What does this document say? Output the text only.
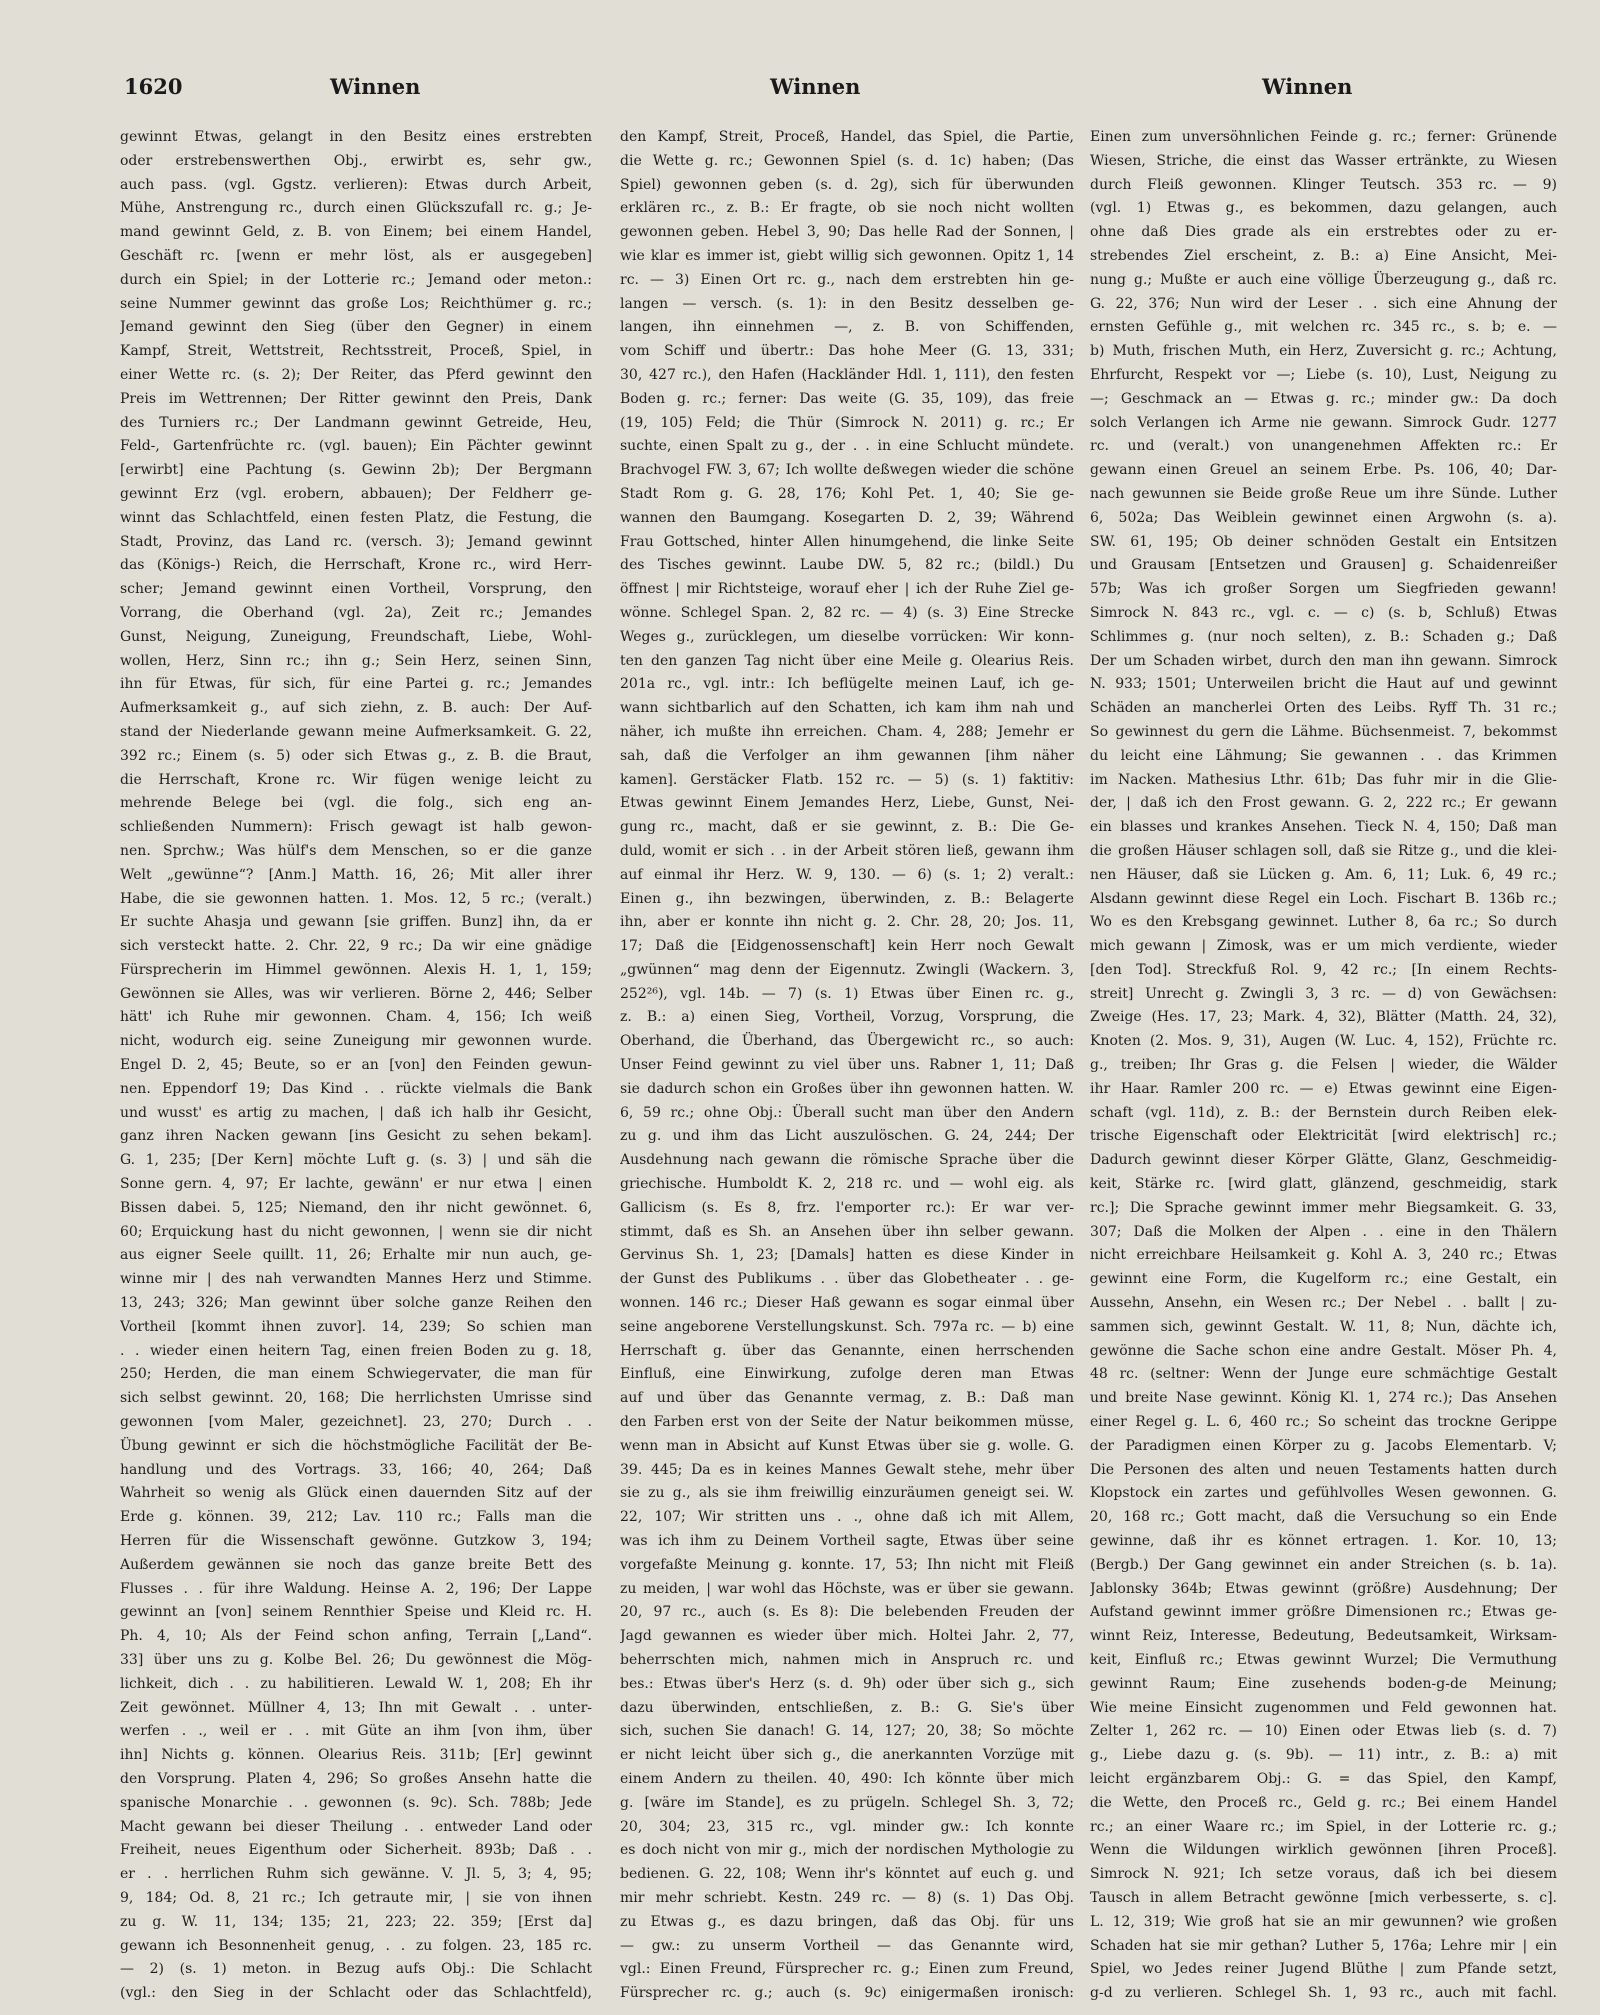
1620	Winnen	Winnen	Winnen
gewinnt Etwas, gelangt in den Besitz eines erstrebten
oder erstrebenswerthen Obj., erwirbt es, sehr gw.,
auch pass. (vgl. Ggstz. verlieren): Etwas durch Arbeit,
Mühe, Anstrengung rc., durch einen Glückszufall rc. g.; Je-
mand gewinnt Geld, z. B. von Einem; bei einem Handel,
Geschäft rc. [wenn er mehr löst, als er ausgegeben]
durch ein Spiel; in der Lotterie rc.; Jemand oder meton.:
seine Nummer gewinnt das große Los; Reichthümer g. rc.;
Jemand gewinnt den Sieg (über den Gegner) in einem
Kampf, Streit, Wettstreit, Rechtsstreit, Proceß, Spiel, in
einer Wette rc. (s. 2); Der Reiter, das Pferd gewinnt den
Preis im Wettrennen; Der Ritter gewinnt den Preis, Dank
des Turniers rc.; Der Landmann gewinnt Getreide, Heu,
Feld-, Gartenfrüchte rc. (vgl. bauen); Ein Pächter gewinnt
[erwirbt] eine Pachtung (s. Gewinn 2b); Der Bergmann
gewinnt Erz (vgl. erobern, abbauen); Der Feldherr ge-
winnt das Schlachtfeld, einen festen Platz, die Festung, die
Stadt, Provinz, das Land rc. (versch. 3); Jemand gewinnt
das (Königs-) Reich, die Herrschaft, Krone rc., wird Herr-
scher; Jemand gewinnt einen Vortheil, Vorsprung, den
Vorrang, die Oberhand (vgl. 2a), Zeit rc.; Jemandes
Gunst, Neigung, Zuneigung, Freundschaft, Liebe, Wohl-
wollen, Herz, Sinn rc.; ihn g.; Sein Herz, seinen Sinn,
ihn für Etwas, für sich, für eine Partei g. rc.; Jemandes
Aufmerksamkeit g., auf sich ziehn, z. B. auch: Der Auf-
stand der Niederlande gewann meine Aufmerksamkeit. G. 22,
392 rc.; Einem (s. 5) oder sich Etwas g., z. B. die Braut,
die Herrschaft, Krone rc. Wir fügen wenige leicht zu
mehrende Belege bei (vgl. die folg., sich eng an-
schließenden Nummern): Frisch gewagt ist halb gewon-
nen. Sprchw.; Was hülf's dem Menschen, so er die ganze
Welt „gewünne“? [Anm.] Matth. 16, 26; Mit aller ihrer
Habe, die sie gewonnen hatten. 1. Mos. 12, 5 rc.; (veralt.)
Er suchte Ahasja und gewann [sie griffen. Bunz] ihn, da er
sich versteckt hatte. 2. Chr. 22, 9 rc.; Da wir eine gnädige
Fürsprecherin im Himmel gewönnen. Alexis H. 1, 1, 159;
Gewönnen sie Alles, was wir verlieren. Börne 2, 446; Selber
hätt' ich Ruhe mir gewonnen. Cham. 4, 156; Ich weiß
nicht, wodurch eig. seine Zuneigung mir gewonnen wurde.
Engel D. 2, 45; Beute, so er an [von] den Feinden gewun-
nen. Eppendorf 19; Das Kind . . rückte vielmals die Bank
und wusst' es artig zu machen, | daß ich halb ihr Gesicht,
ganz ihren Nacken gewann [ins Gesicht zu sehen bekam].
G. 1, 235; [Der Kern] möchte Luft g. (s. 3) | und säh die
Sonne gern. 4, 97; Er lachte, gewänn' er nur etwa | einen
Bissen dabei. 5, 125; Niemand, den ihr nicht gewönnet. 6,
60; Erquickung hast du nicht gewonnen, | wenn sie dir nicht
aus eigner Seele quillt. 11, 26; Erhalte mir nun auch, ge-
winne mir | des nah verwandten Mannes Herz und Stimme.
13, 243; 326; Man gewinnt über solche ganze Reihen den
Vortheil [kommt ihnen zuvor]. 14, 239; So schien man
. . wieder einen heitern Tag, einen freien Boden zu g. 18,
250; Herden, die man einem Schwiegervater, die man für
sich selbst gewinnt. 20, 168; Die herrlichsten Umrisse sind
gewonnen [vom Maler, gezeichnet]. 23, 270; Durch . .
Übung gewinnt er sich die höchstmögliche Facilität der Be-
handlung und des Vortrags. 33, 166; 40, 264; Daß
Wahrheit so wenig als Glück einen dauernden Sitz auf der
Erde g. können. 39, 212; Lav. 110 rc.; Falls man die
Herren für die Wissenschaft gewönne. Gutzkow 3, 194;
Außerdem gewännen sie noch das ganze breite Bett des
Flusses . . für ihre Waldung. Heinse A. 2, 196; Der Lappe
gewinnt an [von] seinem Rennthier Speise und Kleid rc. H.
Ph. 4, 10; Als der Feind schon anfing, Terrain [„Land“.
33] über uns zu g. Kolbe Bel. 26; Du gewönnest die Mög-
lichkeit, dich . . zu habilitieren. Lewald W. 1, 208; Eh ihr
Zeit gewönnet. Müllner 4, 13; Ihn mit Gewalt . . unter-
werfen . ., weil er . . mit Güte an ihm [von ihm, über
ihn] Nichts g. können. Olearius Reis. 311b; [Er] gewinnt
den Vorsprung. Platen 4, 296; So großes Ansehn hatte die
spanische Monarchie . . gewonnen (s. 9c). Sch. 788b; Jede
Macht gewann bei dieser Theilung . . entweder Land oder
Freiheit, neues Eigenthum oder Sicherheit. 893b; Daß . .
er . . herrlichen Ruhm sich gewänne. V. Jl. 5, 3; 4, 95;
9, 184; Od. 8, 21 rc.; Ich getraute mir, | sie von ihnen
zu g. W. 11, 134; 135; 21, 223; 22. 359; [Erst da]
gewann ich Besonnenheit genug, . . zu folgen. 23, 185 rc.
— 2) (s. 1) meton. in Bezug aufs Obj.: Die Schlacht
(vgl.: den Sieg in der Schlacht oder das Schlachtfeld),
den Kampf, Streit, Proceß, Handel, das Spiel, die Partie,
die Wette g. rc.; Gewonnen Spiel (s. d. 1c) haben; (Das
Spiel) gewonnen geben (s. d. 2g), sich für überwunden
erklären rc., z. B.: Er fragte, ob sie noch nicht wollten
gewonnen geben. Hebel 3, 90; Das helle Rad der Sonnen, |
wie klar es immer ist, giebt willig sich gewonnen. Opitz 1, 14
rc. — 3) Einen Ort rc. g., nach dem erstrebten hin ge-
langen — versch. (s. 1): in den Besitz desselben ge-
langen, ihn einnehmen —, z. B. von Schiffenden,
vom Schiff und übertr.: Das hohe Meer (G. 13, 331;
30, 427 rc.), den Hafen (Hackländer Hdl. 1, 111), den festen
Boden g. rc.; ferner: Das weite (G. 35, 109), das freie
(19, 105) Feld; die Thür (Simrock N. 2011) g. rc.; Er
suchte, einen Spalt zu g., der . . in eine Schlucht mündete.
Brachvogel FW. 3, 67; Ich wollte deßwegen wieder die schöne
Stadt Rom g. G. 28, 176; Kohl Pet. 1, 40; Sie ge-
wannen den Baumgang. Kosegarten D. 2, 39; Während
Frau Gottsched, hinter Allen hinumgehend, die linke Seite
des Tisches gewinnt. Laube DW. 5, 82 rc.; (bildl.) Du
öffnest | mir Richtsteige, worauf eher | ich der Ruhe Ziel ge-
wönne. Schlegel Span. 2, 82 rc. — 4) (s. 3) Eine Strecke
Weges g., zurücklegen, um dieselbe vorrücken: Wir konn-
ten den ganzen Tag nicht über eine Meile g. Olearius Reis.
201a rc., vgl. intr.: Ich beflügelte meinen Lauf, ich ge-
wann sichtbarlich auf den Schatten, ich kam ihm nah und
näher, ich mußte ihn erreichen. Cham. 4, 288; Jemehr er
sah, daß die Verfolger an ihm gewannen [ihm näher
kamen]. Gerstäcker Flatb. 152 rc. — 5) (s. 1) faktitiv:
Etwas gewinnt Einem Jemandes Herz, Liebe, Gunst, Nei-
gung rc., macht, daß er sie gewinnt, z. B.: Die Ge-
duld, womit er sich . . in der Arbeit stören ließ, gewann ihm
auf einmal ihr Herz. W. 9, 130. — 6) (s. 1; 2) veralt.:
Einen g., ihn bezwingen, überwinden, z. B.: Belagerte
ihn, aber er konnte ihn nicht g. 2. Chr. 28, 20; Jos. 11,
17; Daß die [Eidgenossenschaft] kein Herr noch Gewalt
„gwünnen“ mag denn der Eigennutz. Zwingli (Wackern. 3,
252²⁶), vgl. 14b. — 7) (s. 1) Etwas über Einen rc. g.,
z. B.: a) einen Sieg, Vortheil, Vorzug, Vorsprung, die
Oberhand, die Überhand, das Übergewicht rc., so auch:
Unser Feind gewinnt zu viel über uns. Rabner 1, 11; Daß
sie dadurch schon ein Großes über ihn gewonnen hatten. W.
6, 59 rc.; ohne Obj.: Überall sucht man über den Andern
zu g. und ihm das Licht auszulöschen. G. 24, 244; Der
Ausdehnung nach gewann die römische Sprache über die
griechische. Humboldt K. 2, 218 rc. und — wohl eig. als
Gallicism (s. Es 8, frz. l'emporter rc.): Er war ver-
stimmt, daß es Sh. an Ansehen über ihn selber gewann.
Gervinus Sh. 1, 23; [Damals] hatten es diese Kinder in
der Gunst des Publikums . . über das Globetheater . . ge-
wonnen. 146 rc.; Dieser Haß gewann es sogar einmal über
seine angeborene Verstellungskunst. Sch. 797a rc. — b) eine
Herrschaft g. über das Genannte, einen herrschenden
Einfluß, eine Einwirkung, zufolge deren man Etwas
auf und über das Genannte vermag, z. B.: Daß man
den Farben erst von der Seite der Natur beikommen müsse,
wenn man in Absicht auf Kunst Etwas über sie g. wolle. G.
39. 445; Da es in keines Mannes Gewalt stehe, mehr über
sie zu g., als sie ihm freiwillig einzuräumen geneigt sei. W.
22, 107; Wir stritten uns . ., ohne daß ich mit Allem,
was ich ihm zu Deinem Vortheil sagte, Etwas über seine
vorgefaßte Meinung g. konnte. 17, 53; Ihn nicht mit Fleiß
zu meiden, | war wohl das Höchste, was er über sie gewann.
20, 97 rc., auch (s. Es 8): Die belebenden Freuden der
Jagd gewannen es wieder über mich. Holtei Jahr. 2, 77,
beherrschten mich, nahmen mich in Anspruch rc. und
bes.: Etwas über's Herz (s. d. 9h) oder über sich g., sich
dazu überwinden, entschließen, z. B.: G. Sie's über
sich, suchen Sie danach! G. 14, 127; 20, 38; So möchte
er nicht leicht über sich g., die anerkannten Vorzüge mit
einem Andern zu theilen. 40, 490: Ich könnte über mich
g. [wäre im Stande], es zu prügeln. Schlegel Sh. 3, 72;
20, 304; 23, 315 rc., vgl. minder gw.: Ich konnte
es doch nicht von mir g., mich der nordischen Mythologie zu
bedienen. G. 22, 108; Wenn ihr's könntet auf euch g. und
mir mehr schriebt. Kestn. 249 rc. — 8) (s. 1) Das Obj.
zu Etwas g., es dazu bringen, daß das Obj. für uns
— gw.: zu unserm Vortheil — das Genannte wird,
vgl.: Einen Freund, Fürsprecher rc. g.; Einen zum Freund,
Fürsprecher rc. g.; auch (s. 9c) einigermaßen ironisch:
Einen zum unversöhnlichen Feinde g. rc.; ferner: Grünende
Wiesen, Striche, die einst das Wasser ertränkte, zu Wiesen
durch Fleiß gewonnen. Klinger Teutsch. 353 rc. — 9)
(vgl. 1) Etwas g., es bekommen, dazu gelangen, auch
ohne daß Dies grade als ein erstrebtes oder zu er-
strebendes Ziel erscheint, z. B.: a) Eine Ansicht, Mei-
nung g.; Mußte er auch eine völlige Überzeugung g., daß rc.
G. 22, 376; Nun wird der Leser . . sich eine Ahnung der
ernsten Gefühle g., mit welchen rc. 345 rc., s. b; e. —
b) Muth, frischen Muth, ein Herz, Zuversicht g. rc.; Achtung,
Ehrfurcht, Respekt vor —; Liebe (s. 10), Lust, Neigung zu
—; Geschmack an — Etwas g. rc.; minder gw.: Da doch
solch Verlangen ich Arme nie gewann. Simrock Gudr. 1277
rc. und (veralt.) von unangenehmen Affekten rc.: Er
gewann einen Greuel an seinem Erbe. Ps. 106, 40; Dar-
nach gewunnen sie Beide große Reue um ihre Sünde. Luther
6, 502a; Das Weiblein gewinnet einen Argwohn (s. a).
SW. 61, 195; Ob deiner schnöden Gestalt ein Entsitzen
und Grausam [Entsetzen und Grausen] g. Schaidenreißer
57b; Was ich großer Sorgen um Siegfrieden gewann!
Simrock N. 843 rc., vgl. c. — c) (s. b, Schluß) Etwas
Schlimmes g. (nur noch selten), z. B.: Schaden g.; Daß
Der um Schaden wirbet, durch den man ihn gewann. Simrock
N. 933; 1501; Unterweilen bricht die Haut auf und gewinnt
Schäden an mancherlei Orten des Leibs. Ryff Th. 31 rc.;
So gewinnest du gern die Lähme. Büchsenmeist. 7, bekommst
du leicht eine Lähmung; Sie gewannen . . das Krimmen
im Nacken. Mathesius Lthr. 61b; Das fuhr mir in die Glie-
der, | daß ich den Frost gewann. G. 2, 222 rc.; Er gewann
ein blasses und krankes Ansehen. Tieck N. 4, 150; Daß man
die großen Häuser schlagen soll, daß sie Ritze g., und die klei-
nen Häuser, daß sie Lücken g. Am. 6, 11; Luk. 6, 49 rc.;
Alsdann gewinnt diese Regel ein Loch. Fischart B. 136b rc.;
Wo es den Krebsgang gewinnet. Luther 8, 6a rc.; So durch
mich gewann | Zimosk, was er um mich verdiente, wieder
[den Tod]. Streckfuß Rol. 9, 42 rc.; [In einem Rechts-
streit] Unrecht g. Zwingli 3, 3 rc. — d) von Gewächsen:
Zweige (Hes. 17, 23; Mark. 4, 32), Blätter (Matth. 24, 32),
Knoten (2. Mos. 9, 31), Augen (W. Luc. 4, 152), Früchte rc.
g., treiben; Ihr Gras g. die Felsen | wieder, die Wälder
ihr Haar. Ramler 200 rc. — e) Etwas gewinnt eine Eigen-
schaft (vgl. 11d), z. B.: der Bernstein durch Reiben elek-
trische Eigenschaft oder Elektricität [wird elektrisch] rc.;
Dadurch gewinnt dieser Körper Glätte, Glanz, Geschmeidig-
keit, Stärke rc. [wird glatt, glänzend, geschmeidig, stark
rc.]; Die Sprache gewinnt immer mehr Biegsamkeit. G. 33,
307; Daß die Molken der Alpen . . eine in den Thälern
nicht erreichbare Heilsamkeit g. Kohl A. 3, 240 rc.; Etwas
gewinnt eine Form, die Kugelform rc.; eine Gestalt, ein
Aussehn, Ansehn, ein Wesen rc.; Der Nebel . . ballt | zu-
sammen sich, gewinnt Gestalt. W. 11, 8; Nun, dächte ich,
gewönne die Sache schon eine andre Gestalt. Möser Ph. 4,
48 rc. (seltner: Wenn der Junge eure schmächtige Gestalt
und breite Nase gewinnt. König Kl. 1, 274 rc.); Das Ansehen
einer Regel g. L. 6, 460 rc.; So scheint das trockne Gerippe
der Paradigmen einen Körper zu g. Jacobs Elementarb. V;
Die Personen des alten und neuen Testaments hatten durch
Klopstock ein zartes und gefühlvolles Wesen gewonnen. G.
20, 168 rc.; Gott macht, daß die Versuchung so ein Ende
gewinne, daß ihr es könnet ertragen. 1. Kor. 10, 13;
(Bergb.) Der Gang gewinnet ein ander Streichen (s. b. 1a).
Jablonsky 364b; Etwas gewinnt (größre) Ausdehnung; Der
Aufstand gewinnt immer größre Dimensionen rc.; Etwas ge-
winnt Reiz, Interesse, Bedeutung, Bedeutsamkeit, Wirksam-
keit, Einfluß rc.; Etwas gewinnt Wurzel; Die Vermuthung
gewinnt Raum; Eine zusehends boden-g-de Meinung;
Wie meine Einsicht zugenommen und Feld gewonnen hat.
Zelter 1, 262 rc. — 10) Einen oder Etwas lieb (s. d. 7)
g., Liebe dazu g. (s. 9b). — 11) intr., z. B.: a) mit
leicht ergänzbarem Obj.: G. = das Spiel, den Kampf,
die Wette, den Proceß rc., Geld g. rc.; Bei einem Handel
rc.; an einer Waare rc.; im Spiel, in der Lotterie rc. g.;
Wenn die Wildungen wirklich gewönnen [ihren Proceß].
Simrock N. 921; Ich setze voraus, daß ich bei diesem
Tausch in allem Betracht gewönne [mich verbesserte, s. c].
L. 12, 319; Wie groß hat sie an mir gewunnen? wie großen
Schaden hat sie mir gethan? Luther 5, 176a; Lehre mir | ein
Spiel, wo Jedes reiner Jugend Blüthe | zum Pfande setzt,
g-d zu verlieren. Schlegel Sh. 1, 93 rc., auch mit fachl.
